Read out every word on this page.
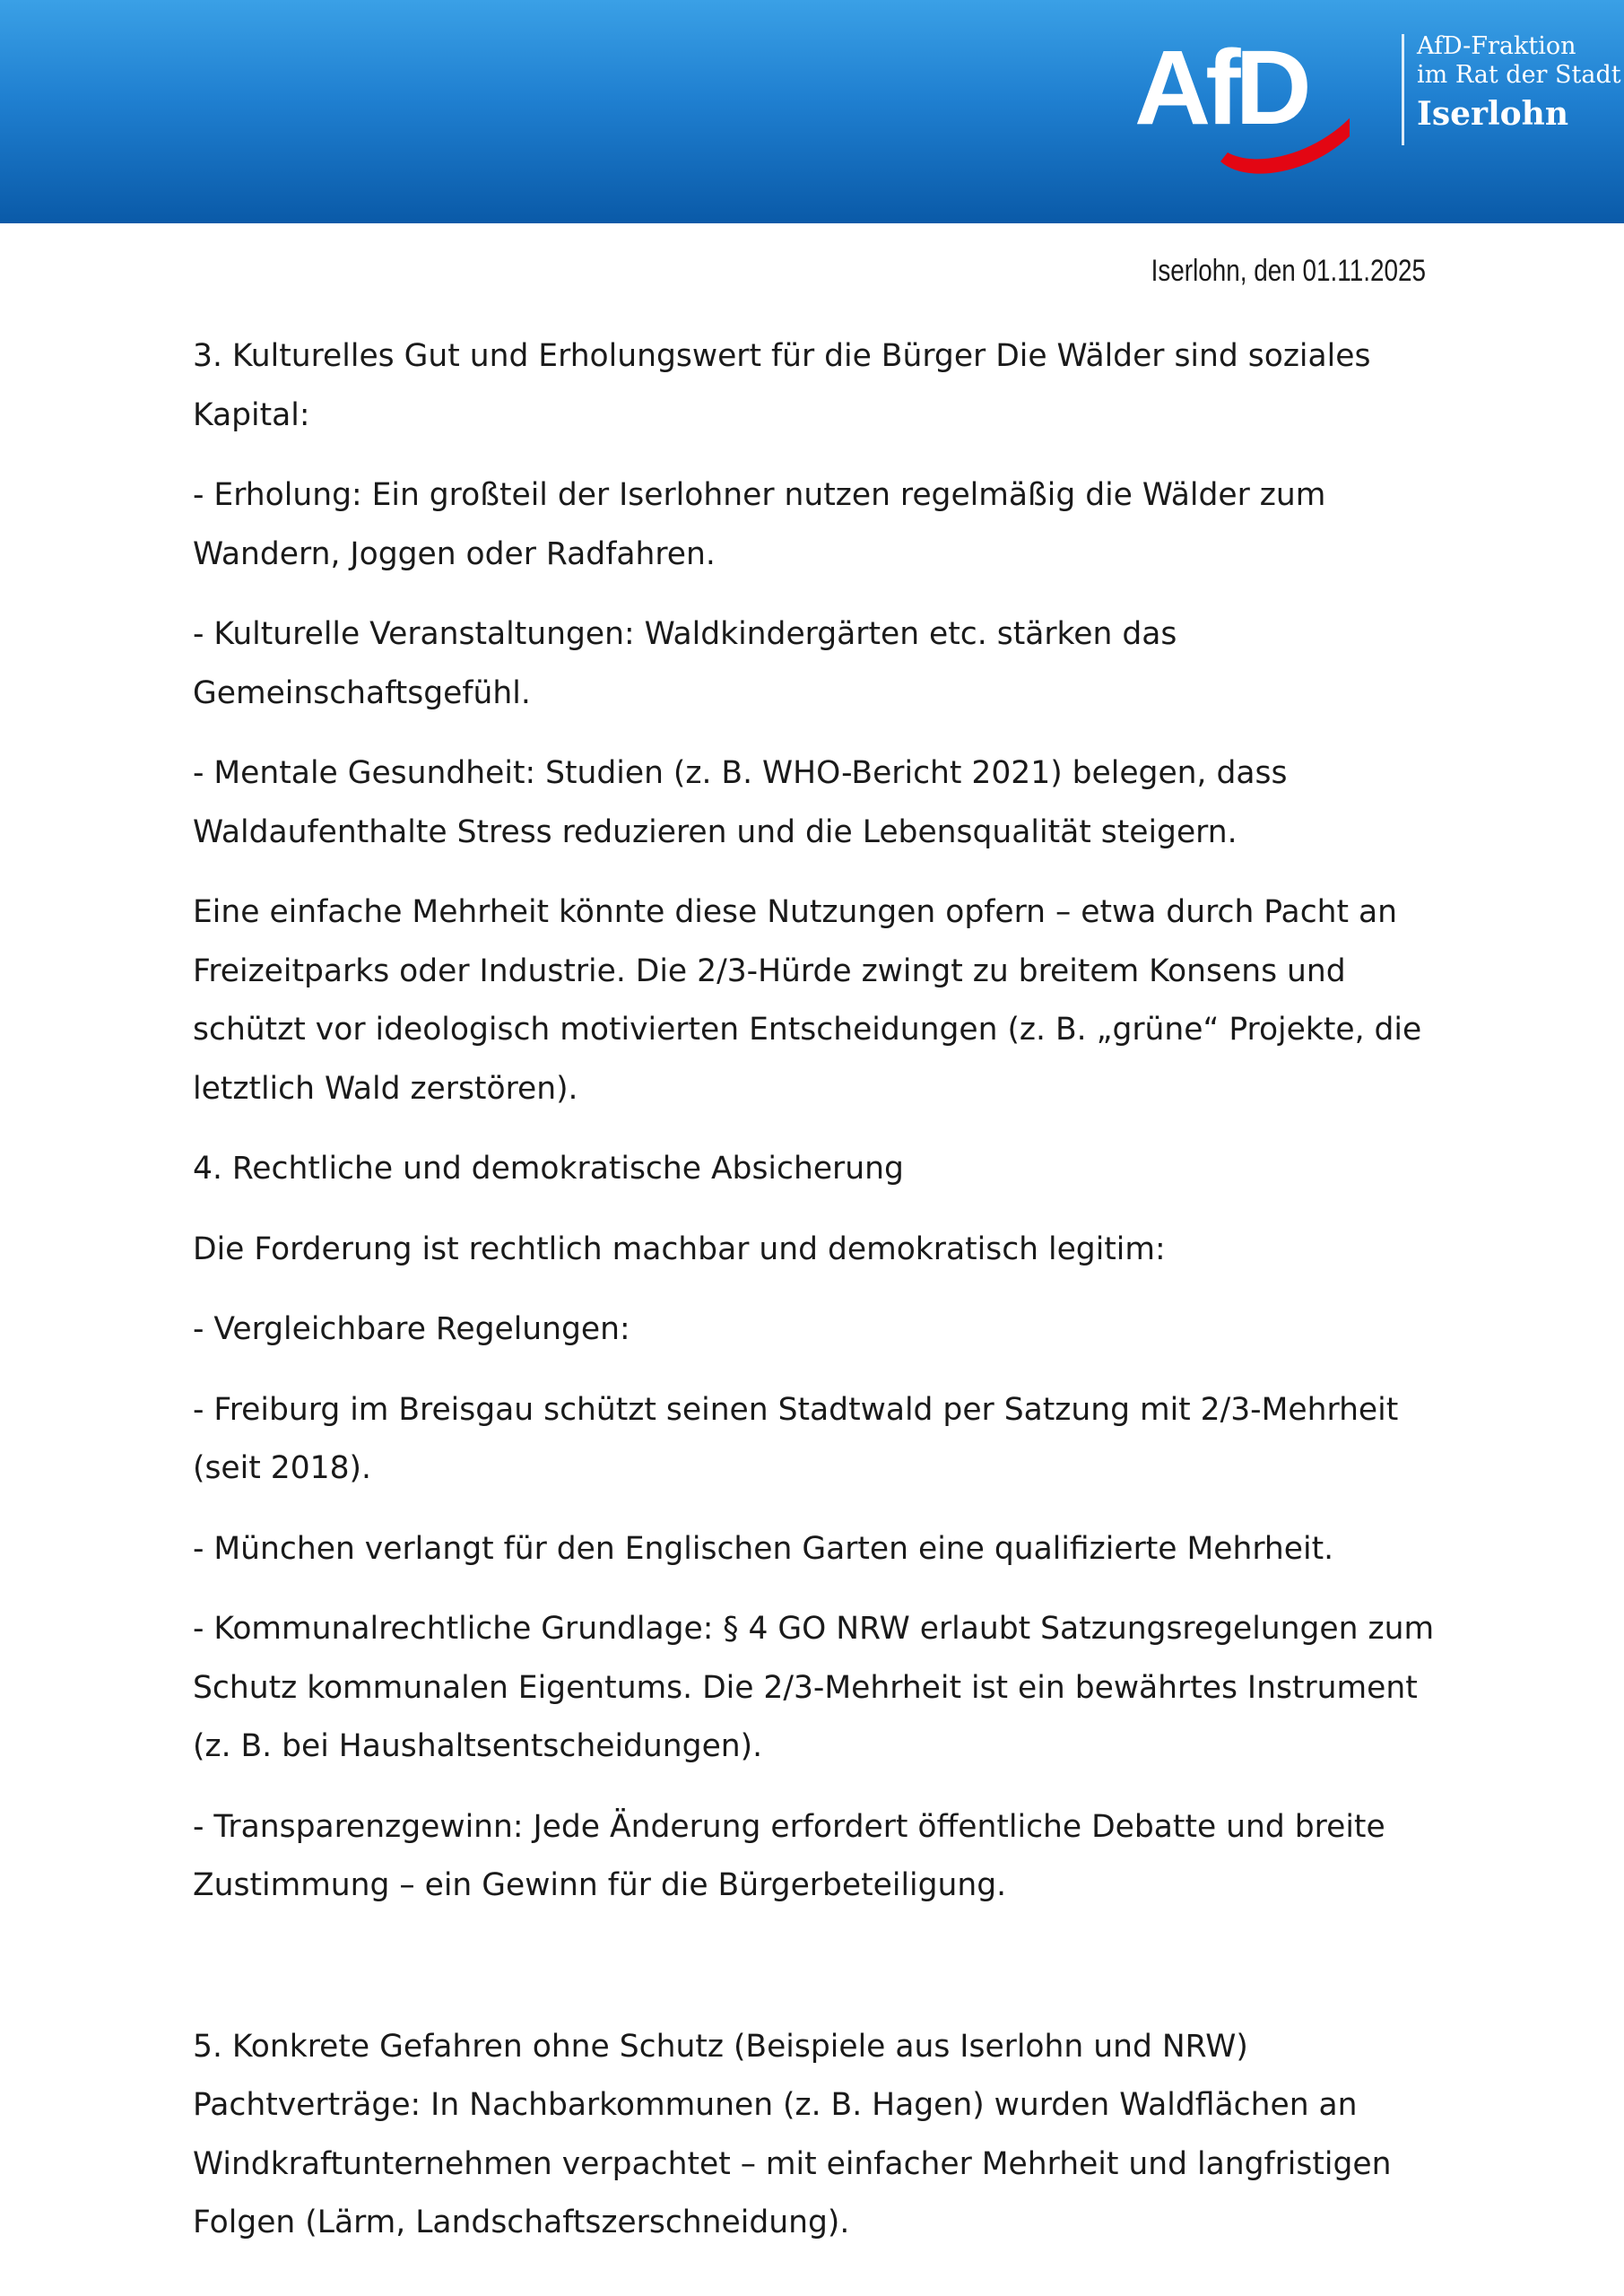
AfD	AfD-Fraktion
im Rat der Stadt
Iserlohn
Iserlohn, den 01.11.2025

3. Kulturelles Gut und Erholungswert für die Bürger Die Wälder sind soziales Kapital:

- Erholung: Ein großteil der Iserlohner nutzen regelmäßig die Wälder zum Wandern, Joggen oder Radfahren.

- Kulturelle Veranstaltungen: Waldkindergärten etc. stärken das Gemeinschaftsgefühl.

- Mentale Gesundheit: Studien (z. B. WHO-Bericht 2021) belegen, dass Waldaufenthalte Stress reduzieren und die Lebensqualität steigern.

Eine einfache Mehrheit könnte diese Nutzungen opfern – etwa durch Pacht an Freizeitparks oder Industrie. Die 2/3-Hürde zwingt zu breitem Konsens und schützt vor ideologisch motivierten Entscheidungen (z. B. „grüne“ Projekte, die letztlich Wald zerstören).

4. Rechtliche und demokratische Absicherung

Die Forderung ist rechtlich machbar und demokratisch legitim:

- Vergleichbare Regelungen:

- Freiburg im Breisgau schützt seinen Stadtwald per Satzung mit 2/3-Mehrheit (seit 2018).

- München verlangt für den Englischen Garten eine qualifizierte Mehrheit.

- Kommunalrechtliche Grundlage: § 4 GO NRW erlaubt Satzungsregelungen zum Schutz kommunalen Eigentums. Die 2/3-Mehrheit ist ein bewährtes Instrument (z. B. bei Haushaltsentscheidungen).

- Transparenzgewinn: Jede Änderung erfordert öffentliche Debatte und breite Zustimmung – ein Gewinn für die Bürgerbeteiligung.

5. Konkrete Gefahren ohne Schutz (Beispiele aus Iserlohn und NRW) Pachtverträge: In Nachbarkommunen (z. B. Hagen) wurden Waldflächen an Windkraftunternehmen verpachtet – mit einfacher Mehrheit und langfristigen Folgen (Lärm, Landschaftszerschneidung).
